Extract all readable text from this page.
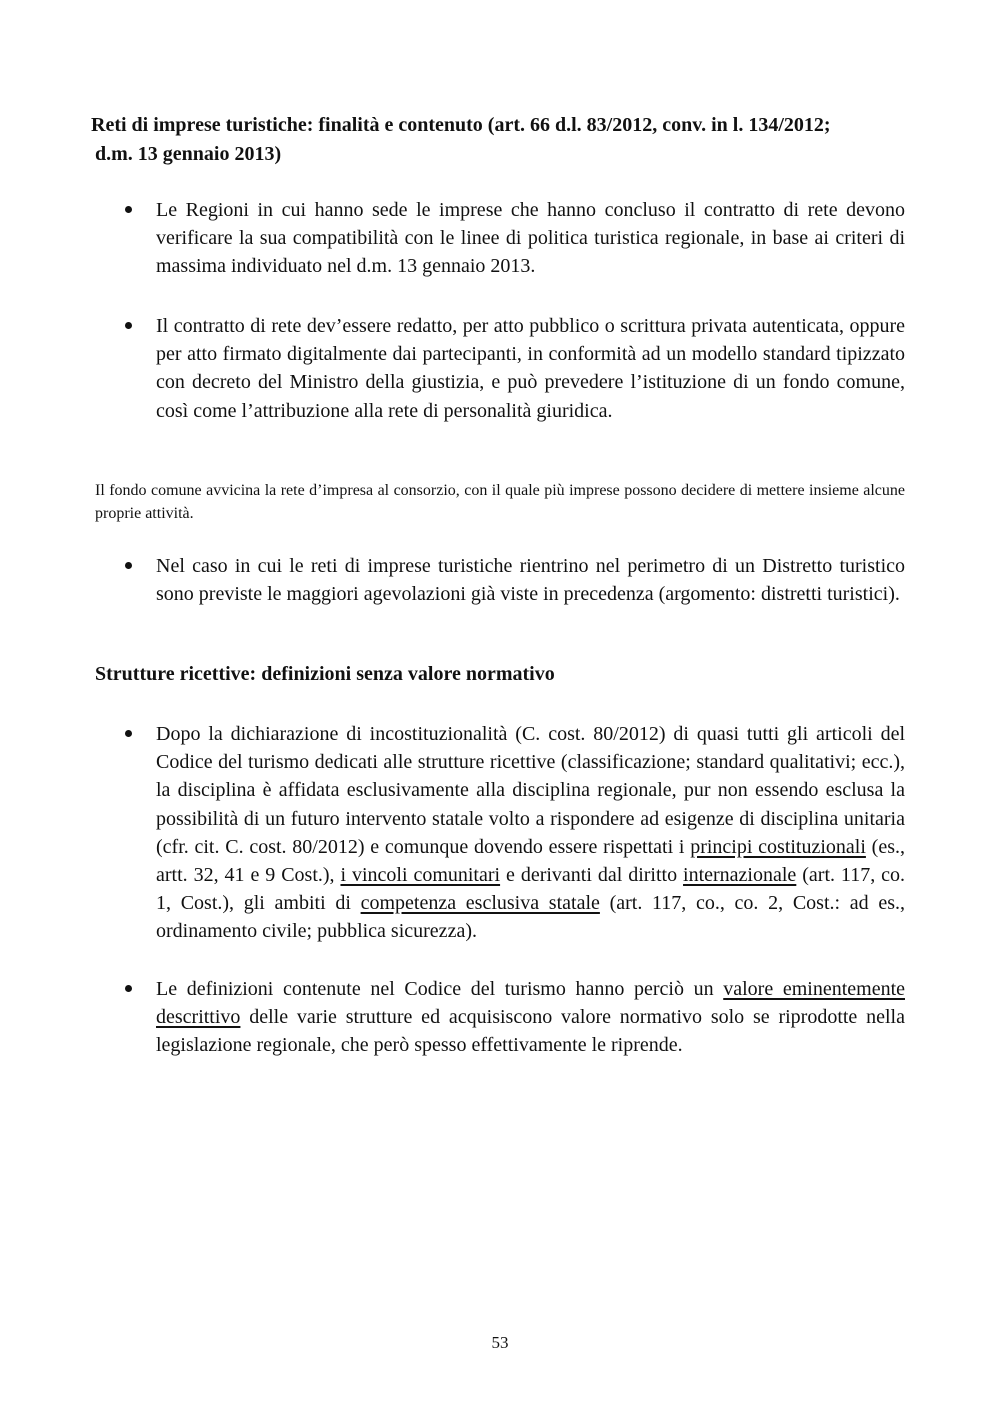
Reti di imprese turistiche: finalità e contenuto (art. 66 d.l. 83/2012, conv. in l. 134/2012;
d.m. 13 gennaio 2013)

Le Regioni in cui hanno sede le imprese che hanno concluso il contratto di rete devono verificare la sua compatibilità con le linee di politica turistica regionale, in base ai criteri di massima individuato nel d.m. 13 gennaio 2013.

Il contratto di rete dev’essere redatto, per atto pubblico o scrittura privata autenticata, oppure per atto firmato digitalmente dai partecipanti, in conformità ad un modello standard tipizzato con decreto del Ministro della giustizia, e può prevedere l’istituzione di un fondo comune, così come l’attribuzione alla rete di personalità giuridica.

Il fondo comune avvicina la rete d’impresa al consorzio, con il quale più imprese possono decidere di mettere insieme alcune proprie attività.

Nel caso in cui le reti di imprese turistiche rientrino nel perimetro di un Distretto turistico sono previste le maggiori agevolazioni già viste in precedenza (argomento: distretti turistici).

Strutture ricettive: definizioni senza valore normativo

Dopo la dichiarazione di incostituzionalità (C. cost. 80/2012) di quasi tutti gli articoli del Codice del turismo dedicati alle strutture ricettive (classificazione; standard qualitativi; ecc.), la disciplina è affidata esclusivamente alla disciplina regionale, pur non essendo esclusa la possibilità di un futuro intervento statale volto a rispondere ad esigenze di disciplina unitaria (cfr. cit. C. cost. 80/2012) e comunque dovendo essere rispettati i principi costituzionali (es., artt. 32, 41 e 9 Cost.), i vincoli comunitari e derivanti dal diritto internazionale (art. 117, co. 1, Cost.), gli ambiti di competenza esclusiva statale (art. 117, co., co. 2, Cost.: ad es., ordinamento civile; pubblica sicurezza).

Le definizioni contenute nel Codice del turismo hanno perciò un valore eminentemente descrittivo delle varie strutture ed acquisiscono valore normativo solo se riprodotte nella legislazione regionale, che però spesso effettivamente le riprende.

53
